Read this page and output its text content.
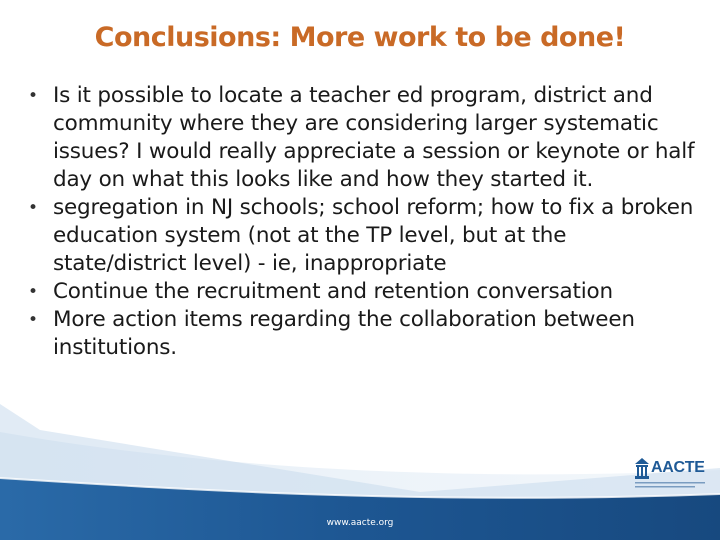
Conclusions: More work to be done!
• Is it possible to locate a teacher ed program, district and community where they are considering larger systematic issues? I would really appreciate a session or keynote or half day on what this looks like and how they started it.
• segregation in NJ schools; school reform; how to fix a broken education system (not at the TP level, but at the state/district level) - ie, inappropriate
• Continue the recruitment and retention conversation
• More action items regarding the collaboration between institutions.
AACTE
www.aacte.org
